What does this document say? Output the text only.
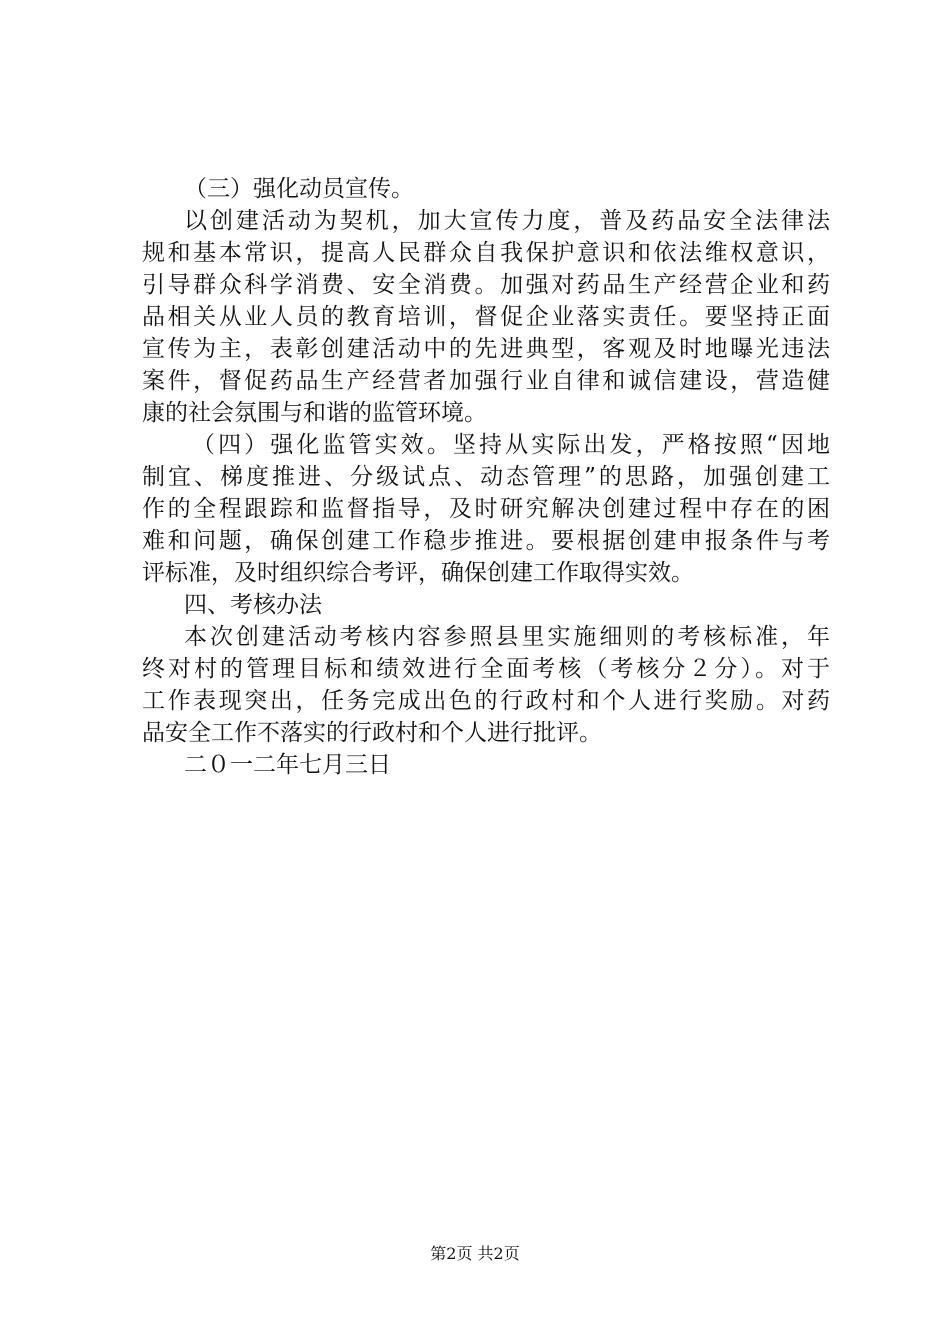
（三）强化动员宣传。
以创建活动为契机，加大宣传力度，普及药品安全法律法
规和基本常识，提高人民群众自我保护意识和依法维权意识，
引导群众科学消费、安全消费。加强对药品生产经营企业和药
品相关从业人员的教育培训，督促企业落实责任。要坚持正面
宣传为主，表彰创建活动中的先进典型，客观及时地曝光违法
案件，督促药品生产经营者加强行业自律和诚信建设，营造健
康的社会氛围与和谐的监管环境。
（四）强化监管实效。坚持从实际出发，严格按照“因地
制宜、梯度推进、分级试点、动态管理”的思路，加强创建工
作的全程跟踪和监督指导，及时研究解决创建过程中存在的困
难和问题，确保创建工作稳步推进。要根据创建申报条件与考
评标准，及时组织综合考评，确保创建工作取得实效。
四、考核办法
本次创建活动考核内容参照县里实施细则的考核标准，年
终对村的管理目标和绩效进行全面考核（考核分２分）。对于
工作表现突出，任务完成出色的行政村和个人进行奖励。对药
品安全工作不落实的行政村和个人进行批评。
二０一二年七月三日
第2页 共2页
